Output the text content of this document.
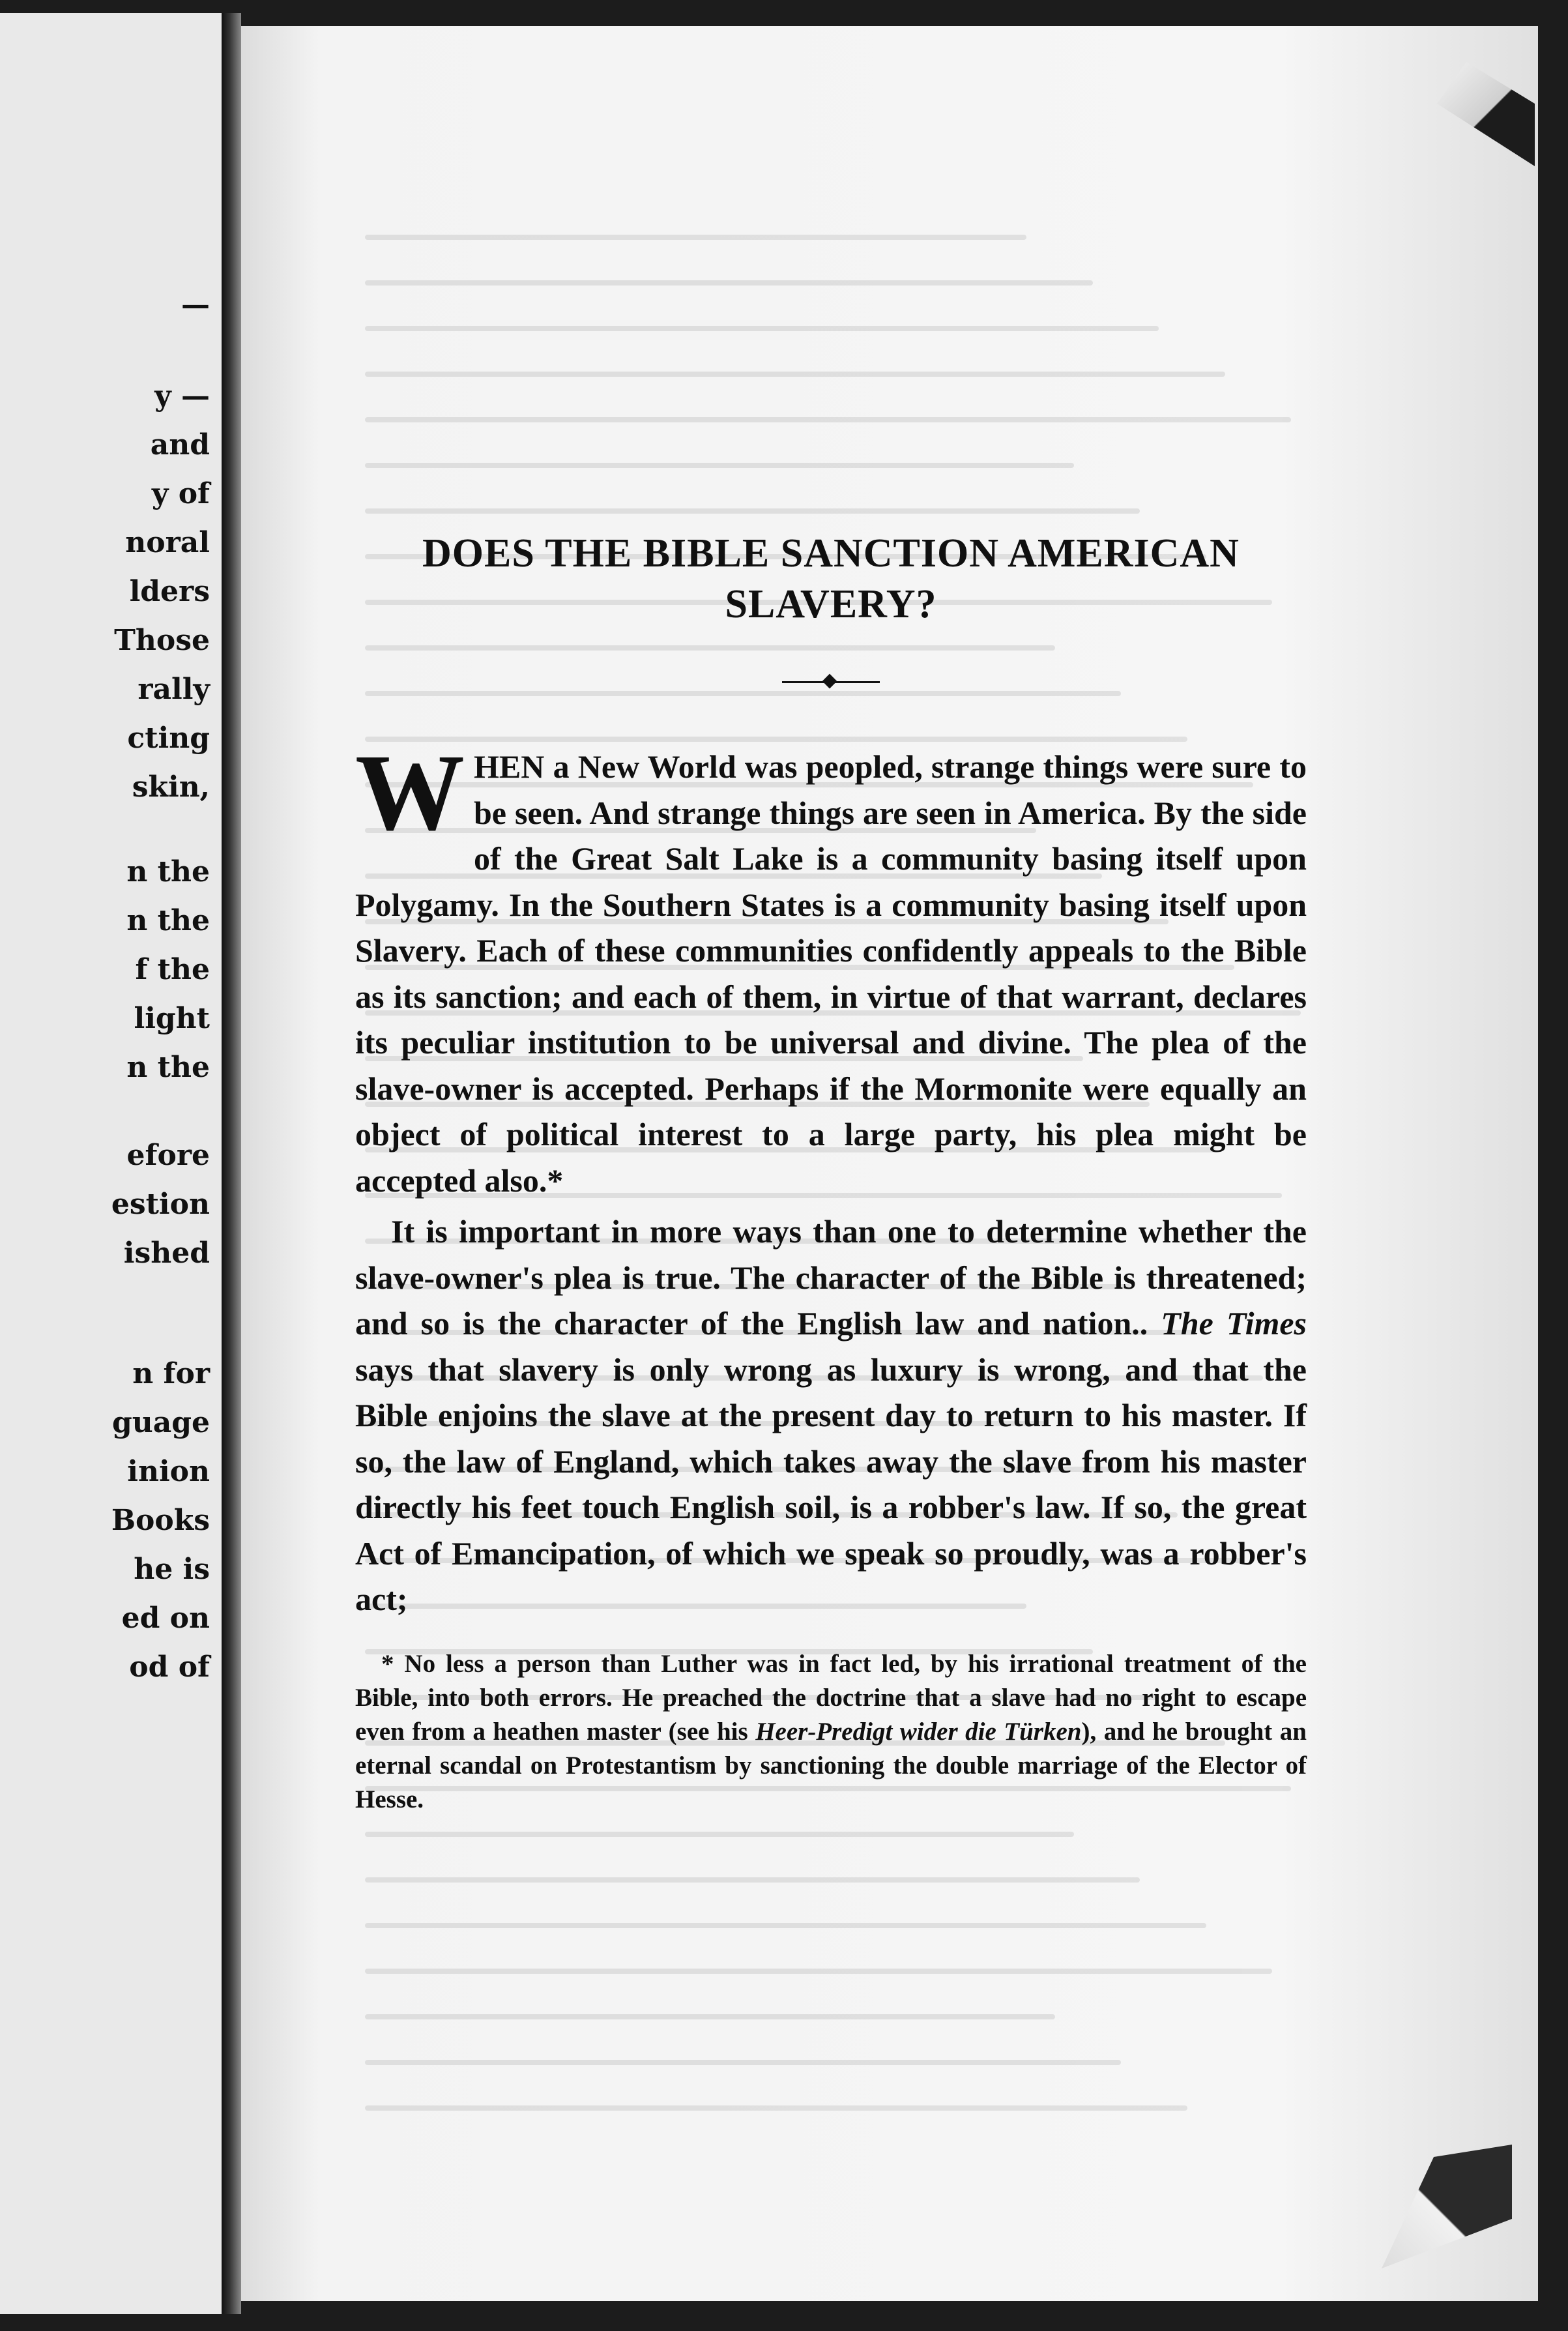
—
y —
and
y of
noral
lders
Those
rally
cting
skin,
n the
n the
f the
light
n the
efore
estion
ished
n for
guage
inion
Books
he is
ed on
od of
DOES THE BIBLE SANCTION AMERICAN SLAVERY?

WHEN a New World was peopled, strange things were sure to be seen. And strange things are seen in America. By the side of the Great Salt Lake is a community basing itself upon Polygamy. In the Southern States is a community basing itself upon Slavery. Each of these communities confidently appeals to the Bible as its sanction; and each of them, in virtue of that warrant, declares its peculiar institution to be universal and divine. The plea of the slave-owner is accepted. Perhaps if the Mormonite were equally an object of political interest to a large party, his plea might be accepted also.*

It is important in more ways than one to determine whether the slave-owner's plea is true. The character of the Bible is threatened; and so is the character of the English law and nation.. The Times says that slavery is only wrong as luxury is wrong, and that the Bible enjoins the slave at the present day to return to his master. If so, the law of England, which takes away the slave from his master directly his feet touch English soil, is a robber's law. If so, the great Act of Emancipation, of which we speak so proudly, was a robber's act;

* No less a person than Luther was in fact led, by his irrational treatment of the Bible, into both errors. He preached the doctrine that a slave had no right to escape even from a heathen master (see his Heer-Predigt wider die Türken), and he brought an eternal scandal on Protestantism by sanctioning the double marriage of the Elector of Hesse.
